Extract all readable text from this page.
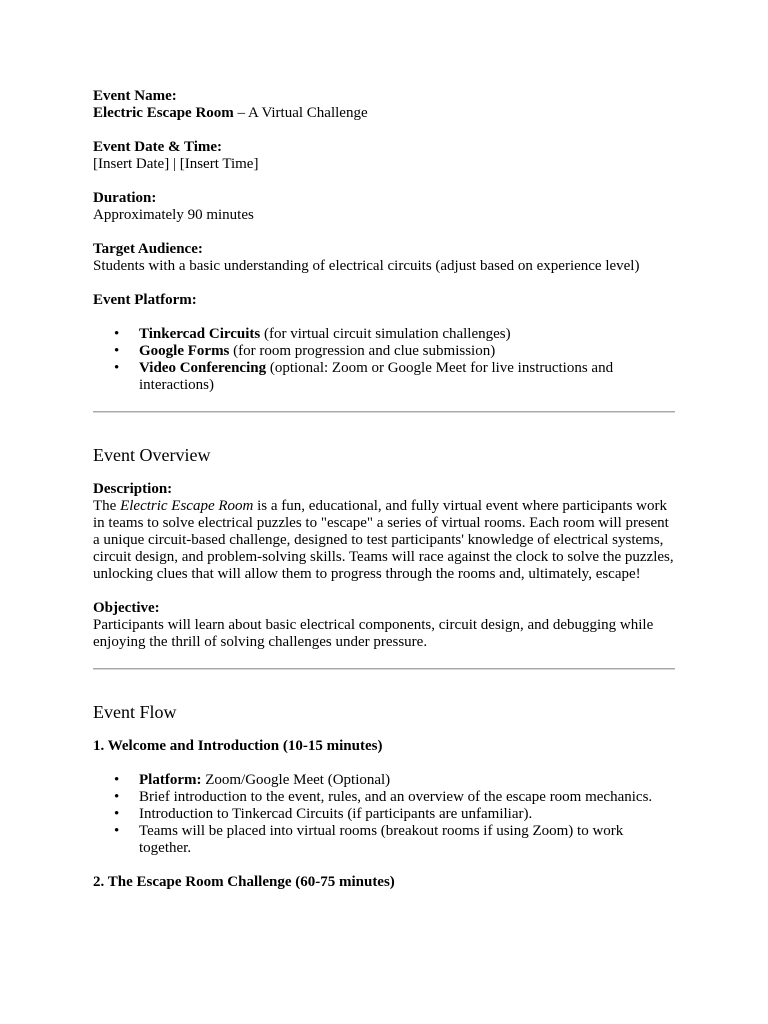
Event Name:
Electric Escape Room – A Virtual Challenge

Event Date & Time:
[Insert Date] | [Insert Time]

Duration:
Approximately 90 minutes

Target Audience:
Students with a basic understanding of electrical circuits (adjust based on experience level)

Event Platform:

• Tinkercad Circuits (for virtual circuit simulation challenges)
• Google Forms (for room progression and clue submission)
• Video Conferencing (optional: Zoom or Google Meet for live instructions and interactions)
Event Overview

Description:
The Electric Escape Room is a fun, educational, and fully virtual event where participants work in teams to solve electrical puzzles to "escape" a series of virtual rooms. Each room will present a unique circuit-based challenge, designed to test participants' knowledge of electrical systems, circuit design, and problem-solving skills. Teams will race against the clock to solve the puzzles, unlocking clues that will allow them to progress through the rooms and, ultimately, escape!

Objective:
Participants will learn about basic electrical components, circuit design, and debugging while enjoying the thrill of solving challenges under pressure.

Event Flow

1. Welcome and Introduction (10-15 minutes)

• Platform: Zoom/Google Meet (Optional)
• Brief introduction to the event, rules, and an overview of the escape room mechanics.
• Introduction to Tinkercad Circuits (if participants are unfamiliar).
• Teams will be placed into virtual rooms (breakout rooms if using Zoom) to work together.

2. The Escape Room Challenge (60-75 minutes)
